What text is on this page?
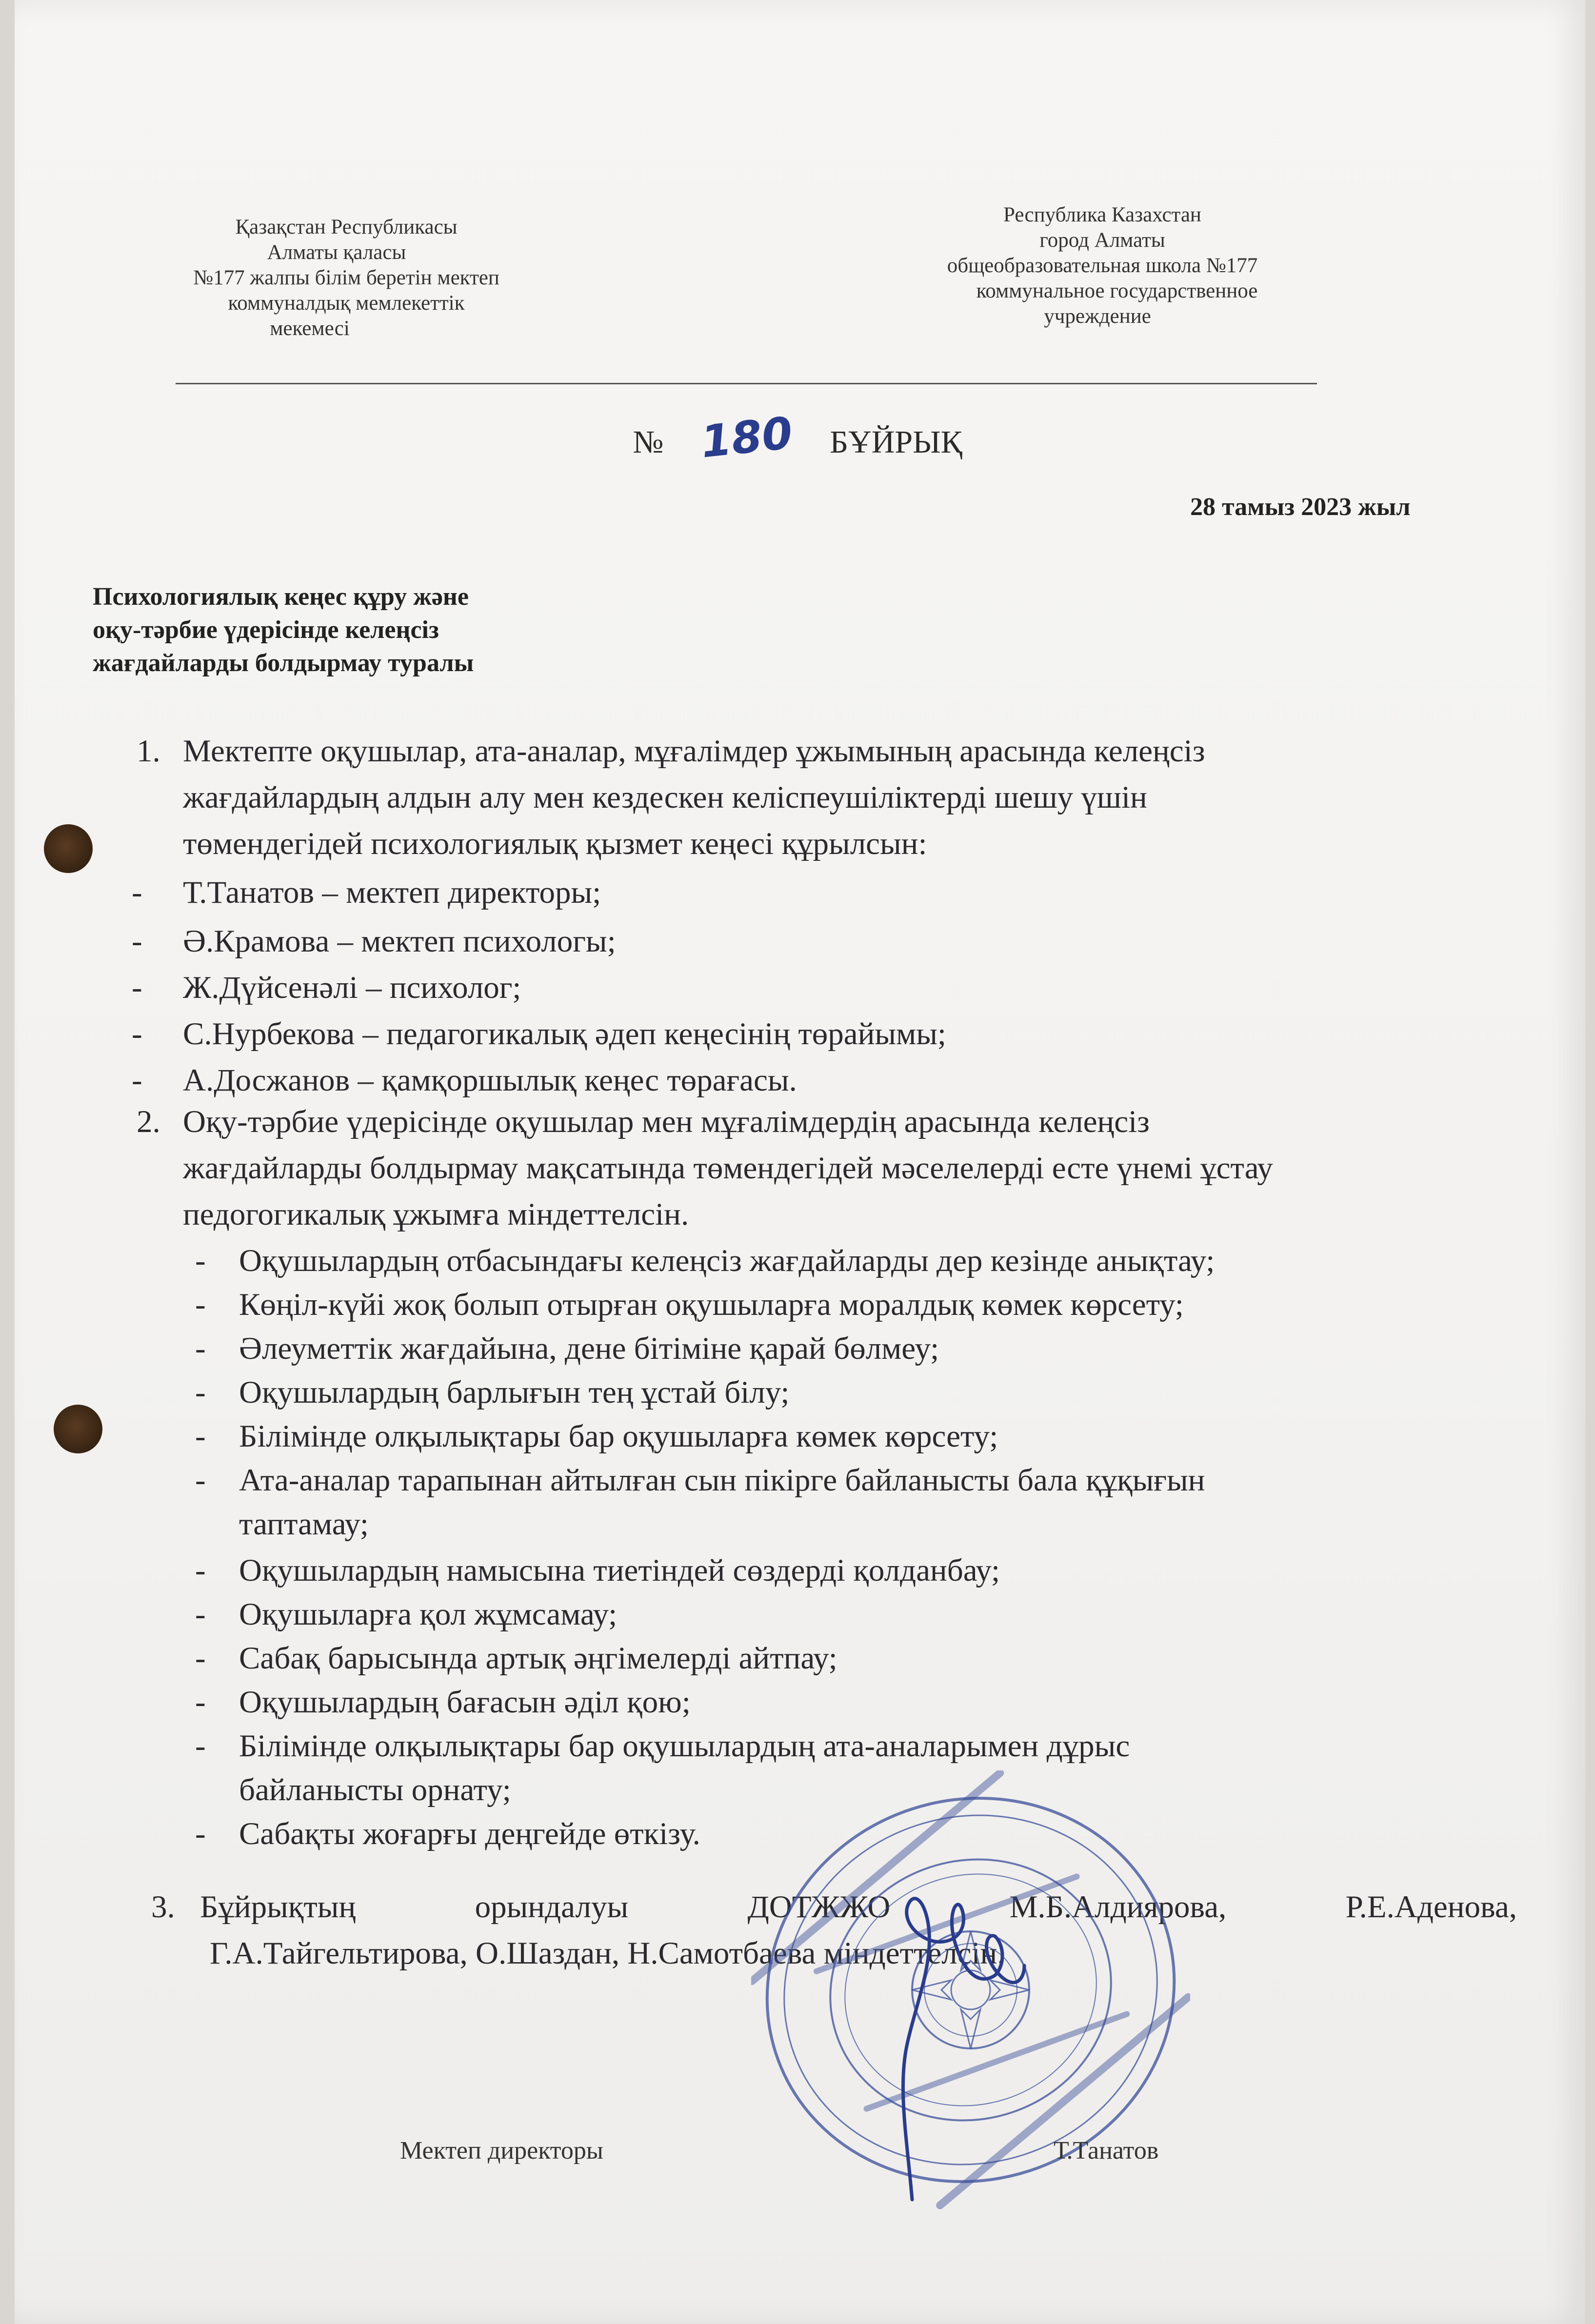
Қазақстан Республикасы
Алматы қаласы
№177 жалпы білім беретін мектеп
коммуналдық мемлекеттік
мекемесі
Республика Казахстан
город Алматы
общеобразовательная школа №177
коммунальное государственное
учреждение
№ 180 БҰЙРЫҚ
28 тамыз 2023 жыл
Психологиялық кеңес құру және
оқу-тәрбие үдерісінде келеңсіз
жағдайларды болдырмау туралы
1. Мектепте оқушылар, ата-аналар, мұғалімдер ұжымының арасында келеңсіз
жағдайлардың алдын алу мен кездескен келіспеушіліктерді шешу үшін
төмендегідей психологиялық қызмет кеңесі құрылсын:
- Т.Танатов – мектеп директоры;
- Ә.Крамова – мектеп психологы;
- Ж.Дүйсенәлі – психолог;
- С.Нурбекова – педагогикалық әдеп кеңесінің төрайымы;
- А.Досжанов – қамқоршылық кеңес төрағасы.
2. Оқу-тәрбие үдерісінде оқушылар мен мұғалімдердің арасында келеңсіз
жағдайларды болдырмау мақсатында төмендегідей мәселелерді есте үнемі ұстау
педогогикалық ұжымға міндеттелсін.
- Оқушылардың отбасындағы келеңсіз жағдайларды дер кезінде анықтау;
- Көңіл-күйі жоқ болып отырған оқушыларға моралдық көмек көрсету;
- Әлеуметтік жағдайына, дене бітіміне қарай бөлмеу;
- Оқушылардың барлығын тең ұстай білу;
- Білімінде олқылықтары бар оқушыларға көмек көрсету;
- Ата-аналар тарапынан айтылған сын пікірге байланысты бала құқығын
таптамау;
- Оқушылардың намысына тиетіндей сөздерді қолданбау;
- Оқушыларға қол жұмсамау;
- Сабақ барысында артық әңгімелерді айтпау;
- Оқушылардың бағасын әділ қою;
- Білімінде олқылықтары бар оқушылардың ата-аналарымен дұрыс
байланысты орнату;
- Сабақты жоғарғы деңгейде өткізу.
3. Бұйрықтың	орындалуы	ДОТЖЖО	М.Б.Алдиярова,	Р.Е.Аденова,
Г.А.Тайгельтирова, О.Шаздан, Н.Самотбаева міндеттелсін.
Мектеп директоры	Т.Танатов
